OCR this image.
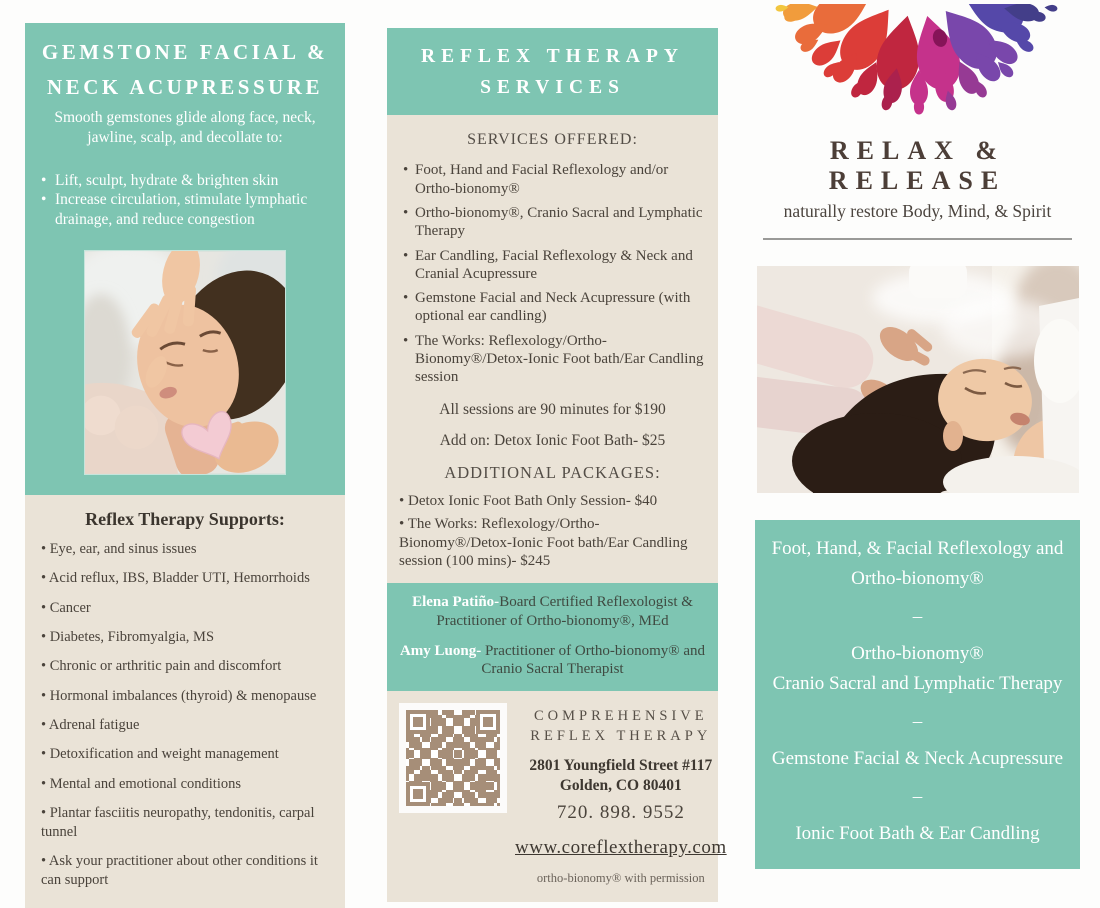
GEMSTONE FACIAL &
NECK ACUPRESSURE

Smooth gemstones glide along face, neck, jawline, scalp, and decollate to:

• Lift, sculpt, hydrate & brighten skin
• Increase circulation, stimulate lymphatic drainage, and reduce congestion
Reflex Therapy Supports:
• Eye, ear, and sinus issues
• Acid reflux, IBS, Bladder UTI, Hemorrhoids
• Cancer
• Diabetes, Fibromyalgia, MS
• Chronic or arthritic pain and discomfort
• Hormonal imbalances (thyroid) & menopause
• Adrenal fatigue
• Detoxification and weight management
• Mental and emotional conditions
• Plantar fasciitis neuropathy, tendonitis, carpal tunnel
• Ask your practitioner about other conditions it can support
REFLEX THERAPY
SERVICES
SERVICES OFFERED:
• Foot, Hand and Facial Reflexology and/or Ortho-bionomy®
• Ortho-bionomy®, Cranio Sacral and Lymphatic Therapy
• Ear Candling, Facial Reflexology & Neck and Cranial Acupressure
• Gemstone Facial and Neck Acupressure (with optional ear candling)
• The Works: Reflexology/Ortho-Bionomy®/Detox-Ionic Foot bath/Ear Candling session

All sessions are 90 minutes for $190

Add on: Detox Ionic Foot Bath- $25

ADDITIONAL PACKAGES:
• Detox Ionic Foot Bath Only Session- $40
• The Works: Reflexology/Ortho-Bionomy®/Detox-Ionic Foot bath/Ear Candling session (100 mins)- $245

Elena Patiño-Board Certified Reflexologist & Practitioner of Ortho-bionomy®, MEd

Amy Luong- Practitioner of Ortho-bionomy® and Cranio Sacral Therapist

COMPREHENSIVE
REFLEX THERAPY
2801 Youngfield Street #117
Golden, CO 80401
720. 898. 9552
www.coreflextherapy.com
ortho-bionomy® with permission
RELAX & RELEASE

naturally restore Body, Mind, & Spirit

Foot, Hand, & Facial Reflexology and Ortho-bionomy®
–
Ortho-bionomy®
Cranio Sacral and Lymphatic Therapy
–
Gemstone Facial & Neck Acupressure
–
Ionic Foot Bath & Ear Candling
